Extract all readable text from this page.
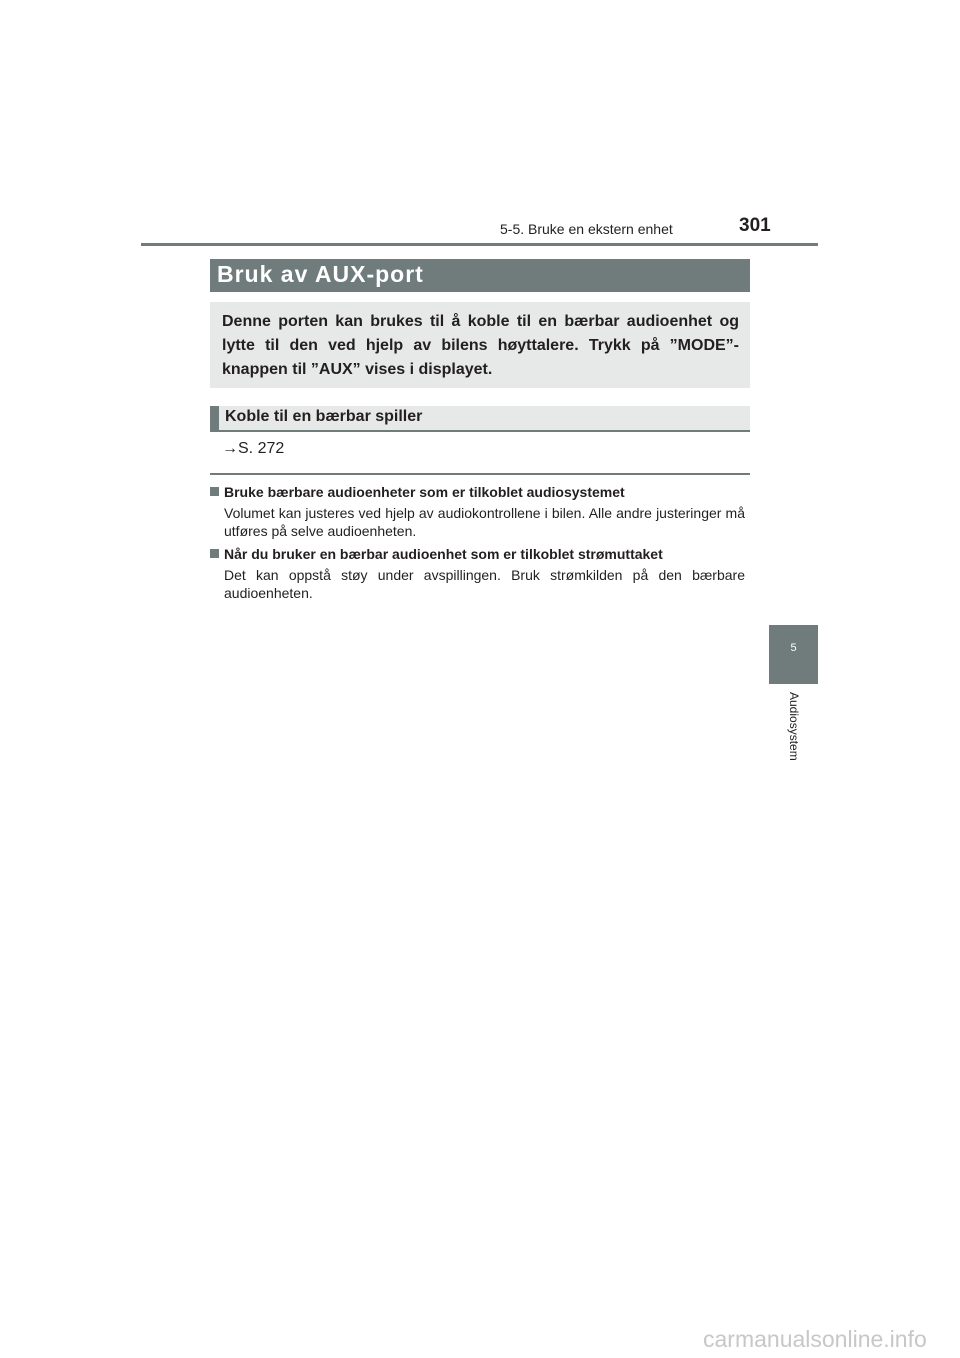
5-5. Bruke en ekstern enhet	301
Bruk av AUX-port
Denne porten kan brukes til å koble til en bærbar audioenhet og lytte til den ved hjelp av bilens høyttalere. Trykk på ”MODE”-knappen til ”AUX” vises i displayet.
Koble til en bærbar spiller
→S. 272
Bruke bærbare audioenheter som er tilkoblet audiosystemet
Volumet kan justeres ved hjelp av audiokontrollene i bilen. Alle andre justeringer må utføres på selve audioenheten.
Når du bruker en bærbar audioenhet som er tilkoblet strømuttaket
Det kan oppstå støy under avspillingen. Bruk strømkilden på den bærbare audioenheten.
5
Audiosystem
carmanualsonline.info
